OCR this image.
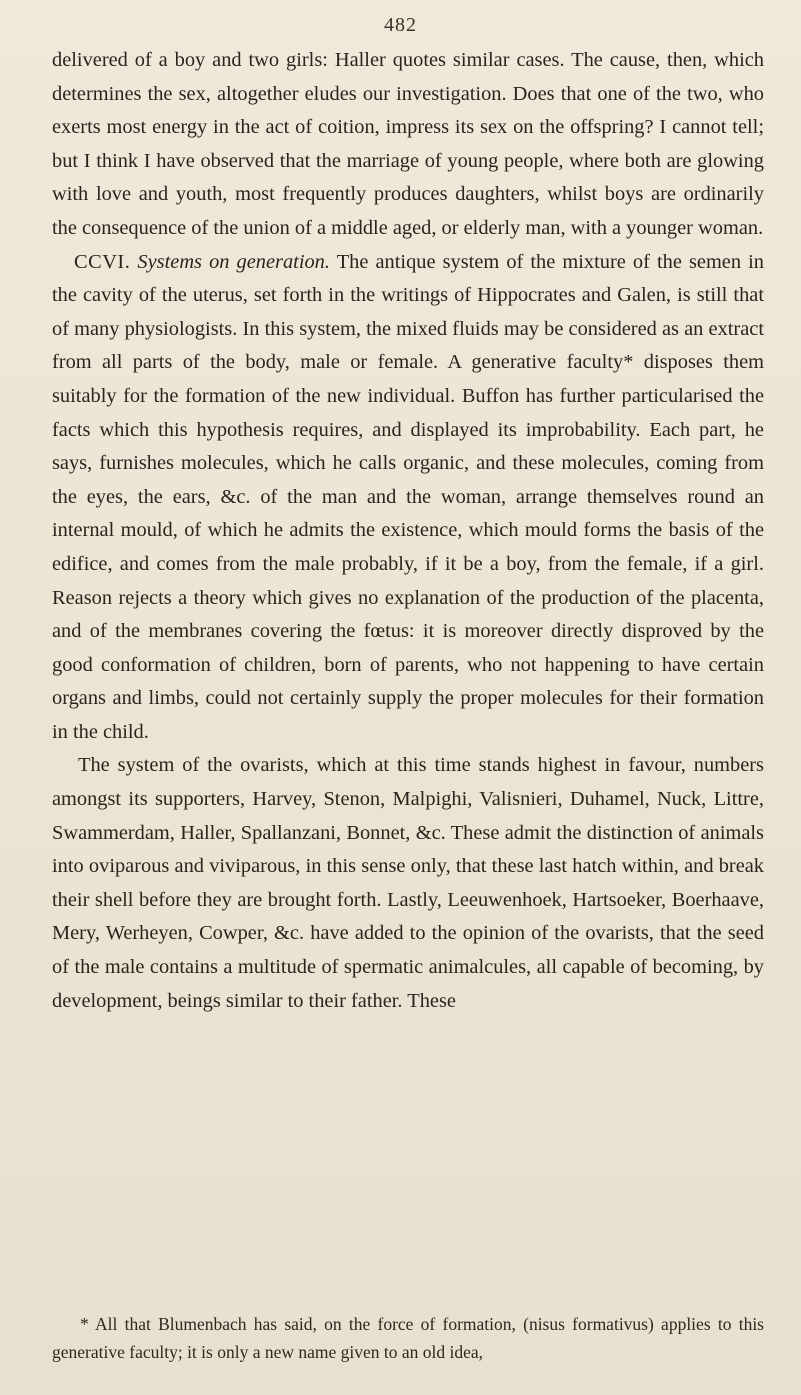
482

delivered of a boy and two girls: Haller quotes similar cases. The cause, then, which determines the sex, altogether eludes our investigation. Does that one of the two, who exerts most energy in the act of coition, impress its sex on the offspring? I cannot tell; but I think I have observed that the marriage of young people, where both are glowing with love and youth, most frequently produces daughters, whilst boys are ordinarily the consequence of the union of a middle aged, or elderly man, with a younger woman.

CCVI. Systems on generation. The antique system of the mixture of the semen in the cavity of the uterus, set forth in the writings of Hippocrates and Galen, is still that of many physiologists. In this system, the mixed fluids may be considered as an extract from all parts of the body, male or female. A generative faculty* disposes them suitably for the formation of the new individual. Buffon has further particularised the facts which this hypothesis requires, and displayed its improbability. Each part, he says, furnishes molecules, which he calls organic, and these molecules, coming from the eyes, the ears, &c. of the man and the woman, arrange themselves round an internal mould, of which he admits the existence, which mould forms the basis of the edifice, and comes from the male probably, if it be a boy, from the female, if a girl. Reason rejects a theory which gives no explanation of the production of the placenta, and of the membranes covering the fœtus: it is moreover directly disproved by the good conformation of children, born of parents, who not happening to have certain organs and limbs, could not certainly supply the proper molecules for their formation in the child.

The system of the ovarists, which at this time stands highest in favour, numbers amongst its supporters, Harvey, Stenon, Malpighi, Valisnieri, Duhamel, Nuck, Littre, Swammerdam, Haller, Spallanzani, Bonnet, &c. These admit the distinction of animals into oviparous and viviparous, in this sense only, that these last hatch within, and break their shell before they are brought forth. Lastly, Leeuwenhoek, Hartsoeker, Boerhaave, Mery, Werheyen, Cowper, &c. have added to the opinion of the ovarists, that the seed of the male contains a multitude of spermatic animalcules, all capable of becoming, by development, beings similar to their father. These

* All that Blumenbach has said, on the force of formation, (nisus formativus) applies to this generative faculty; it is only a new name given to an old idea,
